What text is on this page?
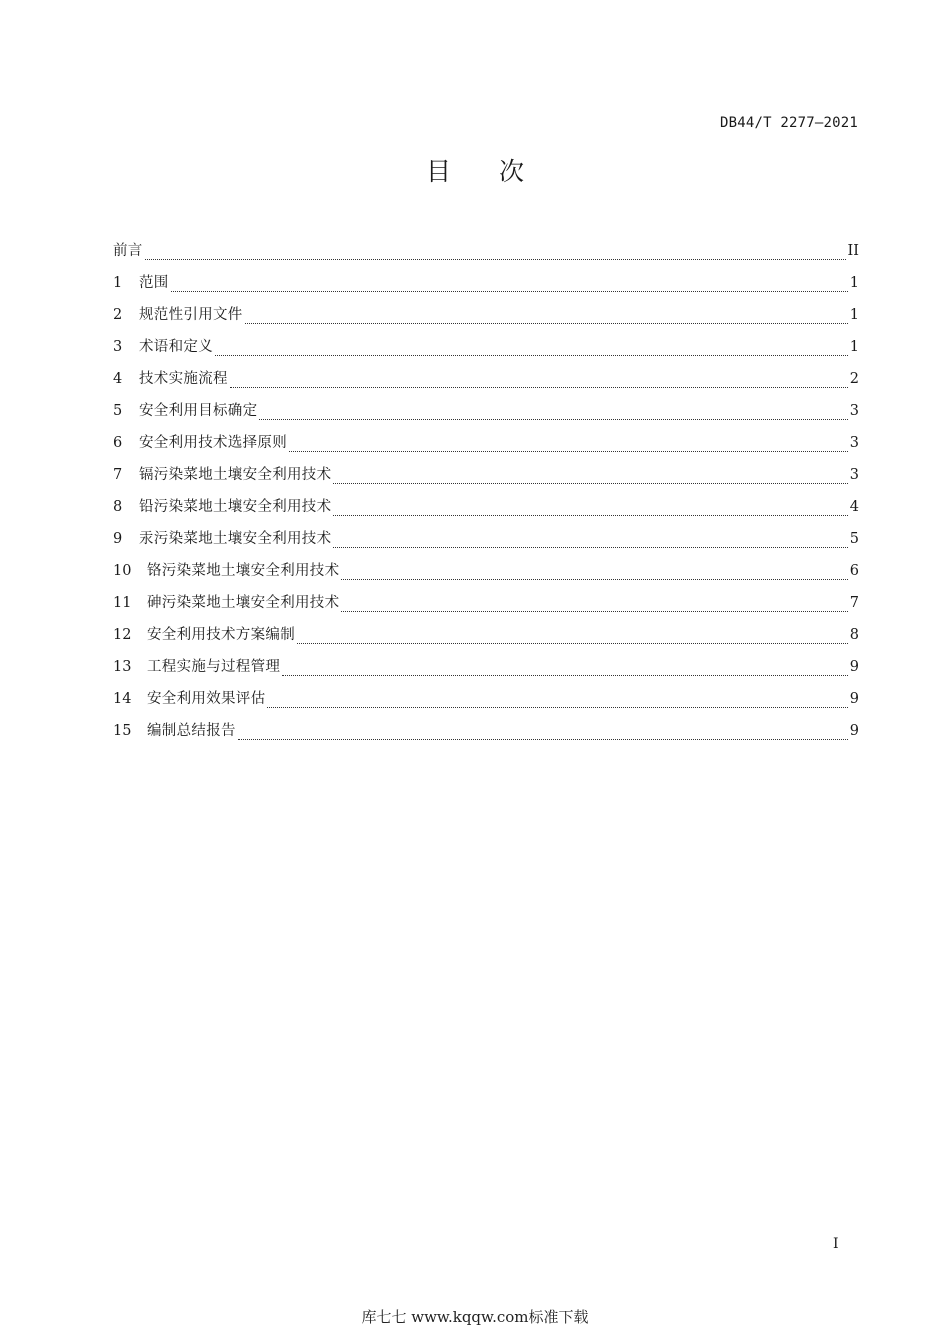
DB44/T 2277—2021
目 次
前言	II
1	范围	1
2	规范性引用文件	1
3	术语和定义	1
4	技术实施流程	2
5	安全利用目标确定	3
6	安全利用技术选择原则	3
7	镉污染菜地土壤安全利用技术	3
8	铅污染菜地土壤安全利用技术	4
9	汞污染菜地土壤安全利用技术	5
10	铬污染菜地土壤安全利用技术	6
11	砷污染菜地土壤安全利用技术	7
12	安全利用技术方案编制	8
13	工程实施与过程管理	9
14	安全利用效果评估	9
15	编制总结报告	9
I
库七七 www.kqqw.com标准下载
